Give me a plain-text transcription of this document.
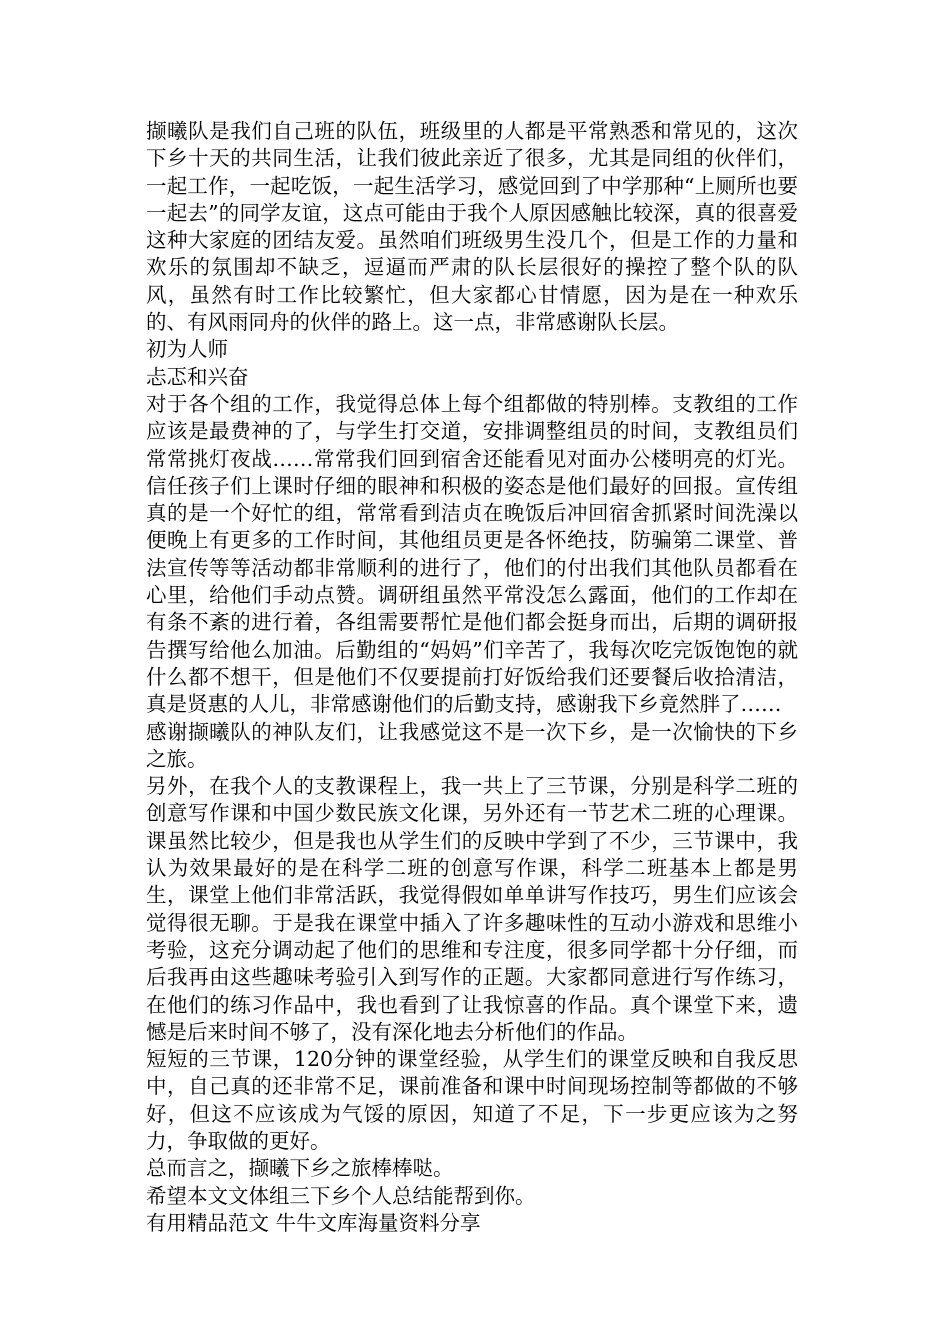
撷曦队是我们自己班的队伍，班级里的人都是平常熟悉和常见的，这次下乡十天的共同生活，让我们彼此亲近了很多，尤其是同组的伙伴们，一起工作，一起吃饭，一起生活学习，感觉回到了中学那种“上厕所也要一起去”的同学友谊，这点可能由于我个人原因感触比较深，真的很喜爱这种大家庭的团结友爱。虽然咱们班级男生没几个，但是工作的力量和欢乐的氛围却不缺乏，逗逼而严肃的队长层很好的操控了整个队的队风，虽然有时工作比较繁忙，但大家都心甘情愿，因为是在一种欢乐的、有风雨同舟的伙伴的路上。这一点，非常感谢队长层。

初为人师

忐忑和兴奋

对于各个组的工作，我觉得总体上每个组都做的特别棒。支教组的工作应该是最费神的了，与学生打交道，安排调整组员的时间，支教组员们常常挑灯夜战……常常我们回到宿舍还能看见对面办公楼明亮的灯光。信任孩子们上课时仔细的眼神和积极的姿态是他们最好的回报。宣传组真的是一个好忙的组，常常看到洁贞在晚饭后冲回宿舍抓紧时间洗澡以便晚上有更多的工作时间，其他组员更是各怀绝技，防骗第二课堂、普法宣传等等活动都非常顺利的进行了，他们的付出我们其他队员都看在心里，给他们手动点赞。调研组虽然平常没怎么露面，他们的工作却在有条不紊的进行着，各组需要帮忙是他们都会挺身而出，后期的调研报告撰写给他么加油。后勤组的“妈妈”们辛苦了，我每次吃完饭饱饱的就什么都不想干，但是他们不仅要提前打好饭给我们还要餐后收拾清洁，真是贤惠的人儿，非常感谢他们的后勤支持，感谢我下乡竟然胖了……

感谢撷曦队的神队友们，让我感觉这不是一次下乡，是一次愉快的下乡之旅。

另外，在我个人的支教课程上，我一共上了三节课，分别是科学二班的创意写作课和中国少数民族文化课，另外还有一节艺术二班的心理课。课虽然比较少，但是我也从学生们的反映中学到了不少，三节课中，我认为效果最好的是在科学二班的创意写作课，科学二班基本上都是男生，课堂上他们非常活跃，我觉得假如单单讲写作技巧，男生们应该会觉得很无聊。于是我在课堂中插入了许多趣味性的互动小游戏和思维小考验，这充分调动起了他们的思维和专注度，很多同学都十分仔细，而后我再由这些趣味考验引入到写作的正题。大家都同意进行写作练习，在他们的练习作品中，我也看到了让我惊喜的作品。真个课堂下来，遗憾是后来时间不够了，没有深化地去分析他们的作品。

短短的三节课，120分钟的课堂经验，从学生们的课堂反映和自我反思中，自己真的还非常不足，课前准备和课中时间现场控制等都做的不够好，但这不应该成为气馁的原因，知道了不足，下一步更应该为之努力，争取做的更好。

总而言之，撷曦下乡之旅棒棒哒。

希望本文文体组三下乡个人总结能帮到你。

有用精品范文 牛牛文库海量资料分享
